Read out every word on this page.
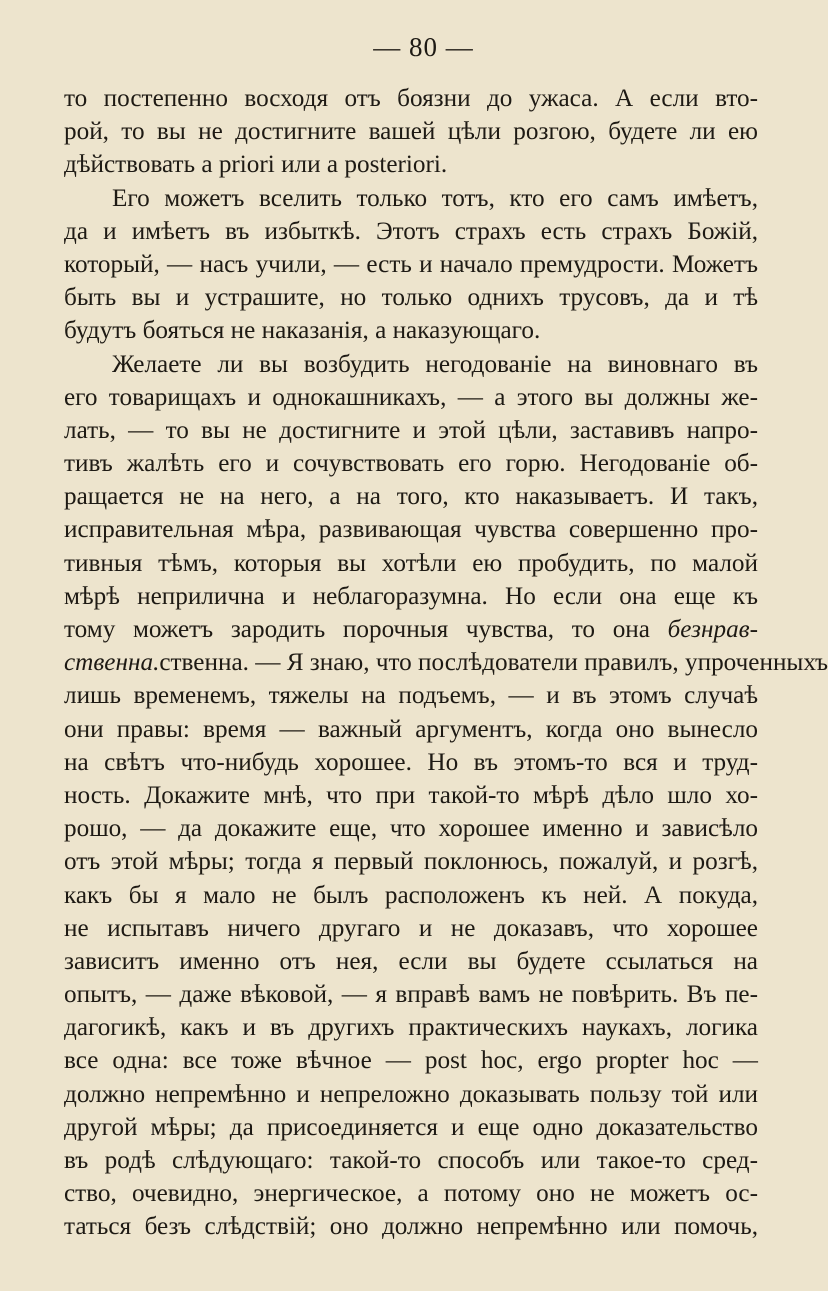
— 80 —
то постепенно восходя отъ боязни до ужаса. А если вто-
рой, то вы не достигните вашей цѣли розгою, будете ли ею
дѣйствовать a priori или a posteriori.
Его можетъ вселить только тотъ, кто его самъ имѣетъ,
да и имѣетъ въ избыткѣ. Этотъ страхъ есть страхъ Божій,
который, — насъ учили, — есть и начало премудрости. Можетъ
быть вы и устрашите, но только однихъ трусовъ, да и тѣ
будутъ бояться не наказанія, а наказующаго.
Желаете ли вы возбудить негодованіе на виновнаго въ
его товарищахъ и однокашникахъ, — а этого вы должны же-
лать, — то вы не достигните и этой цѣли, заставивъ напро-
тивъ жалѣть его и сочувствовать его горю. Негодованіе об-
ращается не на него, а на того, кто наказываетъ. И такъ,
исправительная мѣра, развивающая чувства совершенно про-
тивныя тѣмъ, которыя вы хотѣли ею пробудить, по малой
мѣрѣ неприлична и неблагоразумна. Но если она еще къ
тому можетъ зародить порочныя чувства, то она безнрав-
ственна.ственна. — Я знаю, что послѣдователи правилъ, упроченныхъ
лишь временемъ, тяжелы на подъемъ, — и въ этомъ случаѣ
они правы: время — важный аргументъ, когда оно вынесло
на свѣтъ что-нибудь хорошее. Но въ этомъ-то вся и труд-
ность. Докажите мнѣ, что при такой-то мѣрѣ дѣло шло хо-
рошо, — да докажите еще, что хорошее именно и зависѣло
отъ этой мѣры; тогда я первый поклонюсь, пожалуй, и розгѣ,
какъ бы я мало не былъ расположенъ къ ней. А покуда,
не испытавъ ничего другаго и не доказавъ, что хорошее
зависитъ именно отъ нея, если вы будете ссылаться на
опытъ, — даже вѣковой, — я вправѣ вамъ не повѣрить. Въ пе-
дагогикѣ, какъ и въ другихъ практическихъ наукахъ, логика
все одна: все тоже вѣчное — post hoc, ergo propter hoc —
должно непремѣнно и непреложно доказывать пользу той или
другой мѣры; да присоединяется и еще одно доказательство
въ родѣ слѣдующаго: такой-то способъ или такое-то сред-
ство, очевидно, энергическое, а потому оно не можетъ ос-
таться безъ слѣдствій; оно должно непремѣнно или помочь,
